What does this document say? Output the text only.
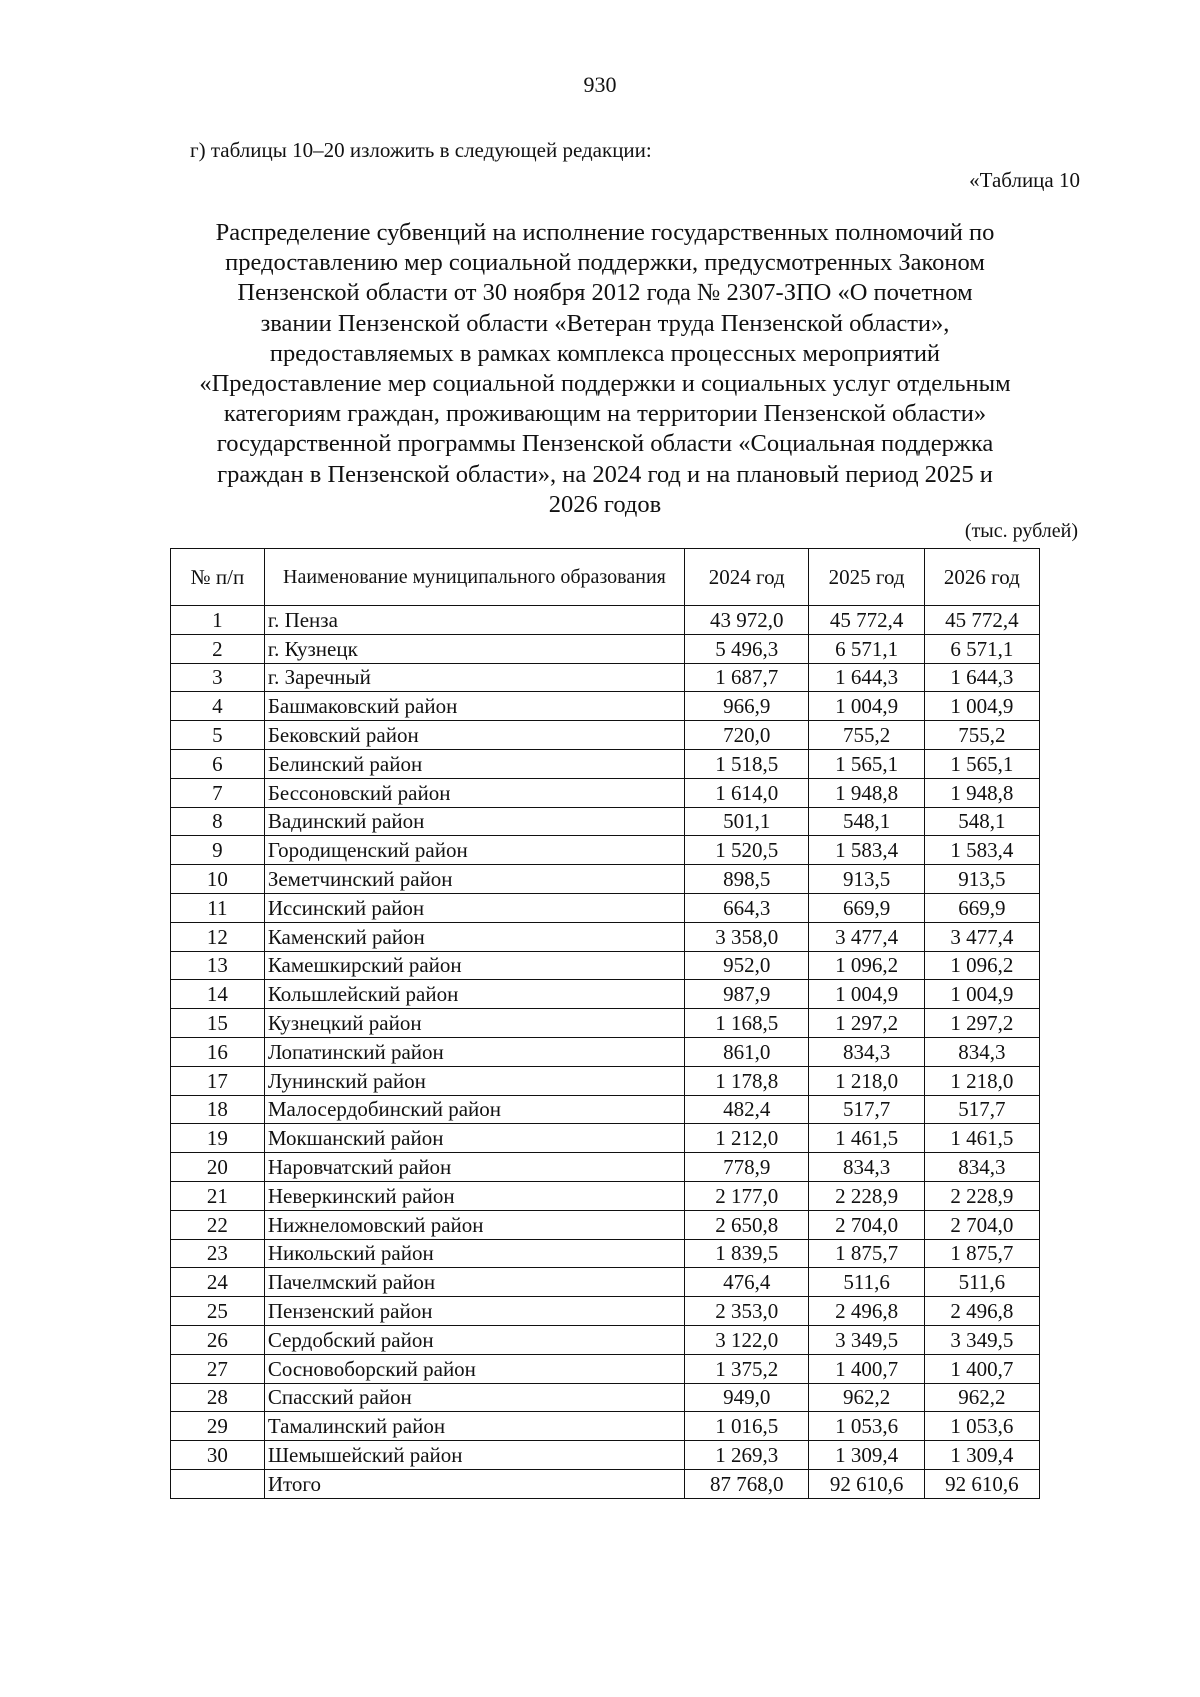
930
г) таблицы 10–20 изложить в следующей редакции:
«Таблица 10
Распределение субвенций на исполнение государственных полномочий по
предоставлению мер социальной поддержки, предусмотренных Законом
Пензенской области от 30 ноября 2012 года № 2307-ЗПО «О почетном
звании Пензенской области «Ветеран труда Пензенской области»,
предоставляемых в рамках комплекса процессных мероприятий
«Предоставление мер социальной поддержки и социальных услуг отдельным
категориям граждан, проживающим на территории Пензенской области»
государственной программы Пензенской области «Социальная поддержка
граждан в Пензенской области», на 2024 год и на плановый период 2025 и
2026 годов
(тыс. рублей)
№ п/п	Наименование муниципального образования	2024 год	2025 год	2026 год
1	г. Пенза	43 972,0	45 772,4	45 772,4
2	г. Кузнецк	5 496,3	6 571,1	6 571,1
3	г. Заречный	1 687,7	1 644,3	1 644,3
4	Башмаковский район	966,9	1 004,9	1 004,9
5	Бековский район	720,0	755,2	755,2
6	Белинский район	1 518,5	1 565,1	1 565,1
7	Бессоновский район	1 614,0	1 948,8	1 948,8
8	Вадинский район	501,1	548,1	548,1
9	Городищенский район	1 520,5	1 583,4	1 583,4
10	Земетчинский район	898,5	913,5	913,5
11	Иссинский район	664,3	669,9	669,9
12	Каменский район	3 358,0	3 477,4	3 477,4
13	Камешкирский район	952,0	1 096,2	1 096,2
14	Кольшлейский район	987,9	1 004,9	1 004,9
15	Кузнецкий район	1 168,5	1 297,2	1 297,2
16	Лопатинский район	861,0	834,3	834,3
17	Лунинский район	1 178,8	1 218,0	1 218,0
18	Малосердобинский район	482,4	517,7	517,7
19	Мокшанский район	1 212,0	1 461,5	1 461,5
20	Наровчатский район	778,9	834,3	834,3
21	Неверкинский район	2 177,0	2 228,9	2 228,9
22	Нижнеломовский район	2 650,8	2 704,0	2 704,0
23	Никольский район	1 839,5	1 875,7	1 875,7
24	Пачелмский район	476,4	511,6	511,6
25	Пензенский район	2 353,0	2 496,8	2 496,8
26	Сердобский район	3 122,0	3 349,5	3 349,5
27	Сосновоборский район	1 375,2	1 400,7	1 400,7
28	Спасский район	949,0	962,2	962,2
29	Тамалинский район	1 016,5	1 053,6	1 053,6
30	Шемышейский район	1 269,3	1 309,4	1 309,4
	Итого	87 768,0	92 610,6	92 610,6
